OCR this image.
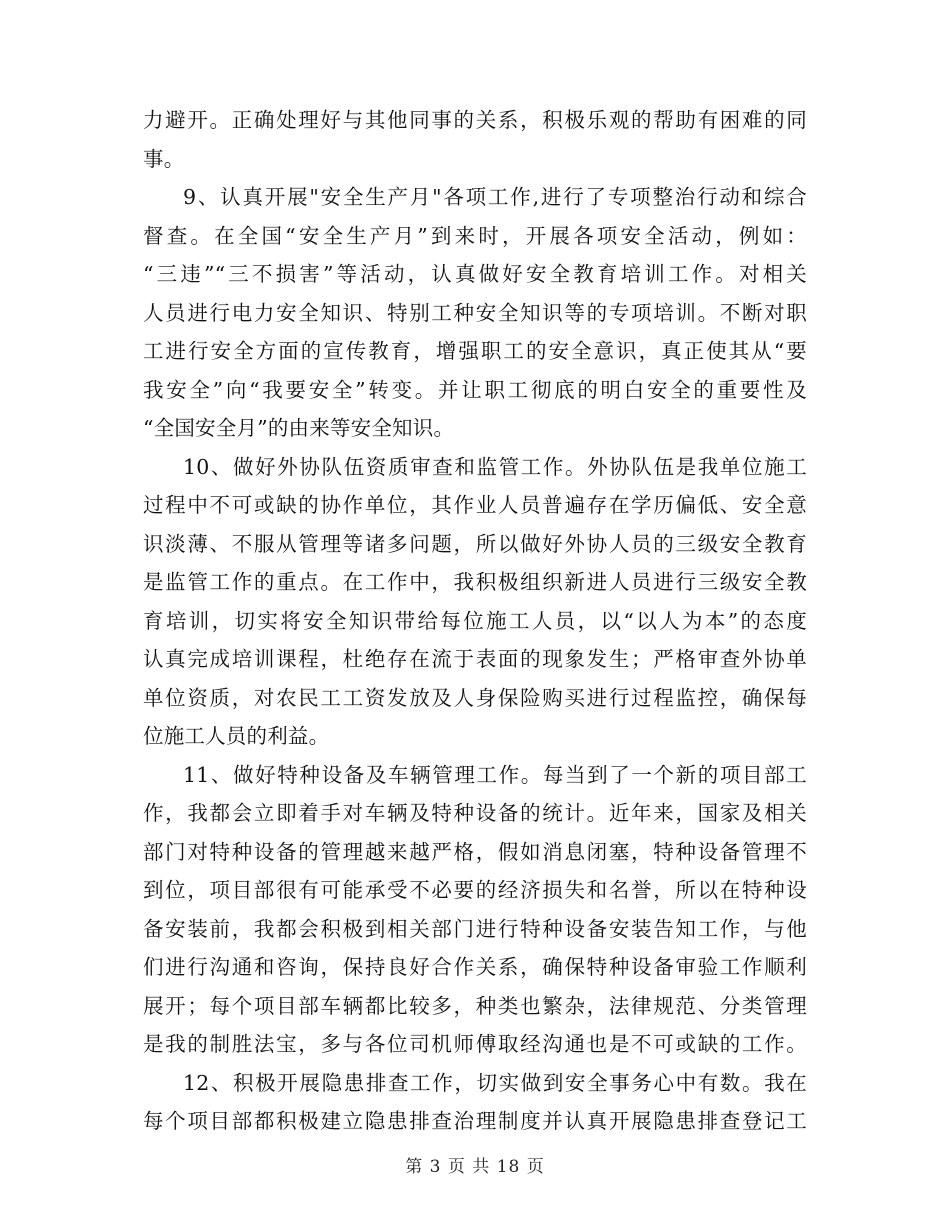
力避开。正确处理好与其他同事的关系，积极乐观的帮助有困难的同
事。
9、认真开展"安全生产月"各项工作,进行了专项整治行动和综合
督查。在全国“安全生产月”到来时，开展各项安全活动，例如：
“三违”“三不损害”等活动，认真做好安全教育培训工作。对相关
人员进行电力安全知识、特别工种安全知识等的专项培训。不断对职
工进行安全方面的宣传教育，增强职工的安全意识，真正使其从“要
我安全”向“我要安全”转变。并让职工彻底的明白安全的重要性及
“全国安全月”的由来等安全知识。
10、做好外协队伍资质审查和监管工作。外协队伍是我单位施工
过程中不可或缺的协作单位，其作业人员普遍存在学历偏低、安全意
识淡薄、不服从管理等诸多问题，所以做好外协人员的三级安全教育
是监管工作的重点。在工作中，我积极组织新进人员进行三级安全教
育培训，切实将安全知识带给每位施工人员，以“以人为本”的态度
认真完成培训课程，杜绝存在流于表面的现象发生；严格审查外协单
单位资质，对农民工工资发放及人身保险购买进行过程监控，确保每
位施工人员的利益。
11、做好特种设备及车辆管理工作。每当到了一个新的项目部工
作，我都会立即着手对车辆及特种设备的统计。近年来，国家及相关
部门对特种设备的管理越来越严格，假如消息闭塞，特种设备管理不
到位，项目部很有可能承受不必要的经济损失和名誉，所以在特种设
备安装前，我都会积极到相关部门进行特种设备安装告知工作，与他
们进行沟通和咨询，保持良好合作关系，确保特种设备审验工作顺利
展开；每个项目部车辆都比较多，种类也繁杂，法律规范、分类管理
是我的制胜法宝，多与各位司机师傅取经沟通也是不可或缺的工作。
12、积极开展隐患排查工作，切实做到安全事务心中有数。我在
每个项目部都积极建立隐患排查治理制度并认真开展隐患排查登记工
第 3 页 共 18 页
